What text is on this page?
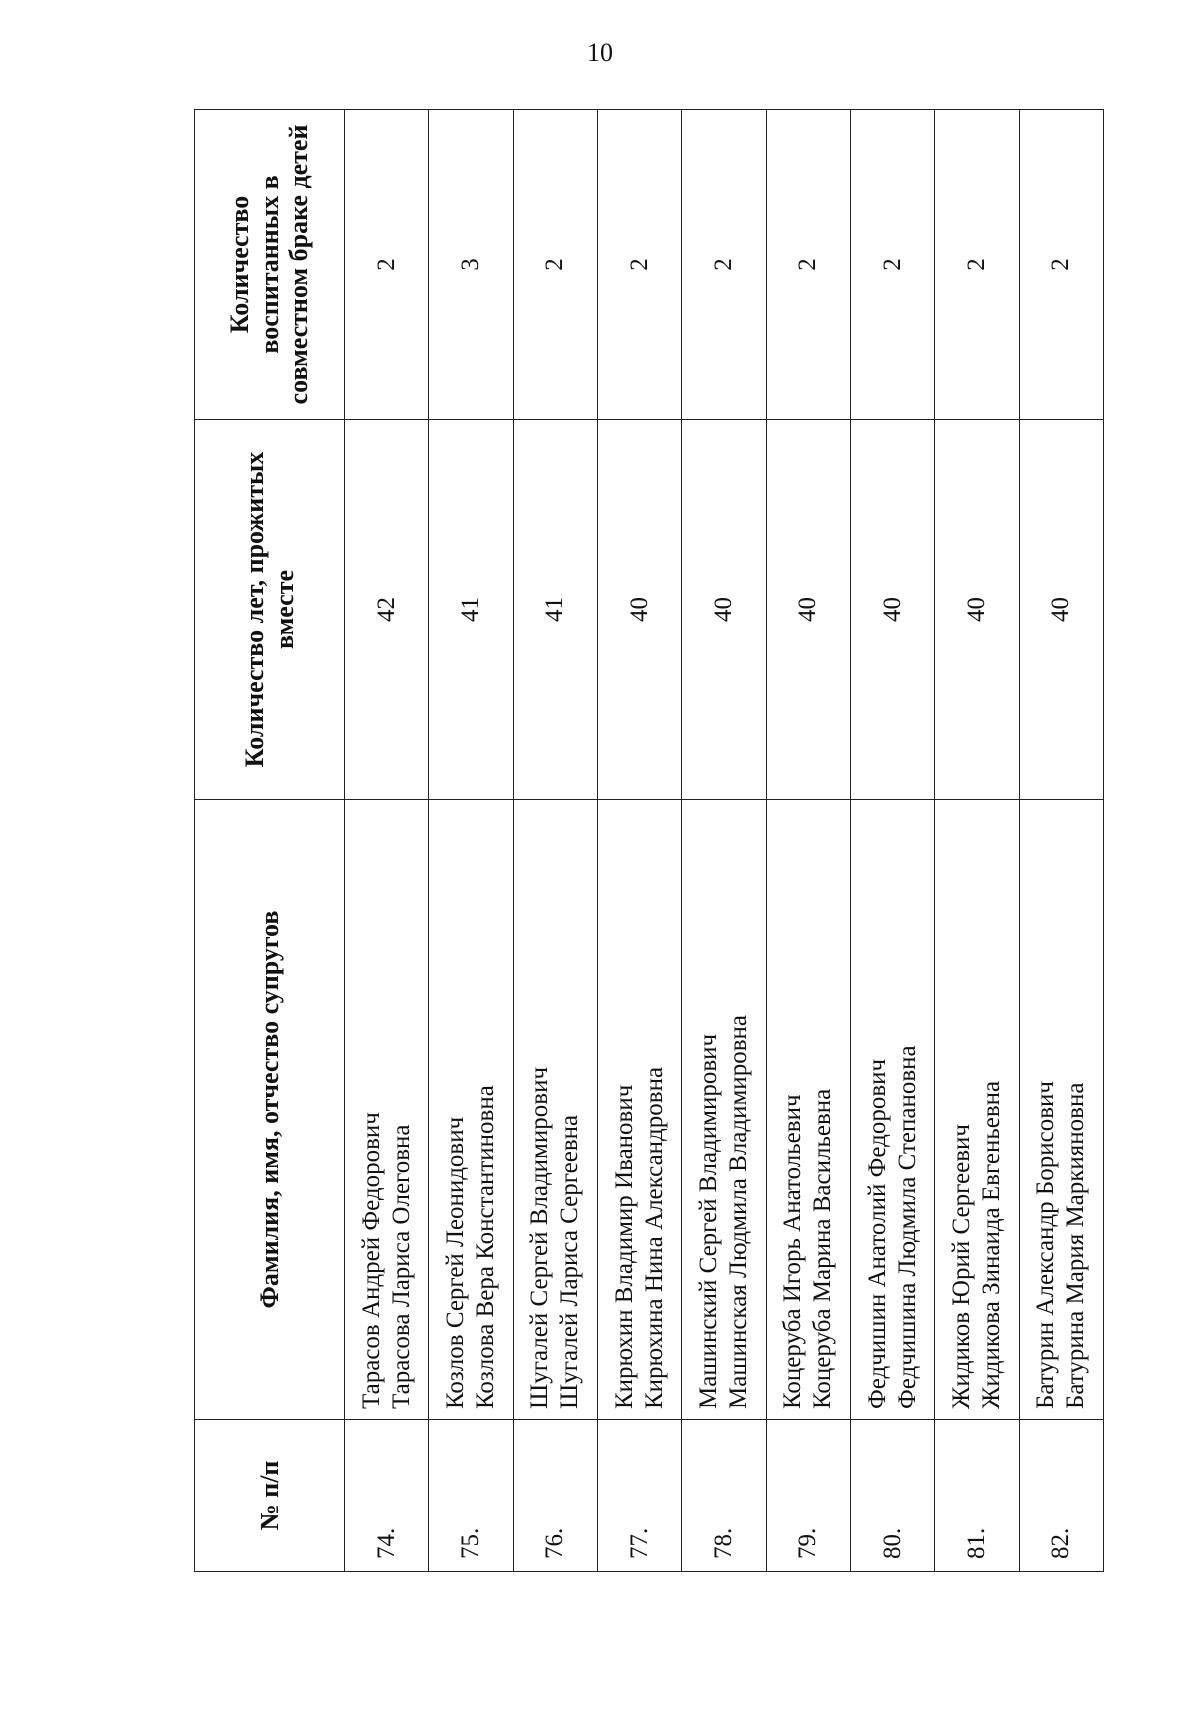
10
№ п/п	Фамилия, имя, отчество супругов	Количество лет, прожитых вместе	Количество воспитанных в совместном браке детей
74.	Тарасов Андрей Федорович Тарасова Лариса Олеговна	42	2
75.	Козлов Сергей Леонидович Козлова Вера Константиновна	41	3
76.	Шугалей Сергей Владимирович Шугалей Лариса Сергеевна	41	2
77.	Кирюхин Владимир Иванович Кирюхина Нина Александровна	40	2
78.	Машинский Сергей Владимирович Машинская Людмила Владимировна	40	2
79.	Коцеруба Игорь Анатольевич Коцеруба Марина Васильевна	40	2
80.	Федчишин Анатолий Федорович Федчишина Людмила Степановна	40	2
81.	Жидиков Юрий Сергеевич Жидикова Зинаида Евгеньевна	40	2
82.	Батурин Александр Борисович Батурина Мария Маркияновна	40	2
